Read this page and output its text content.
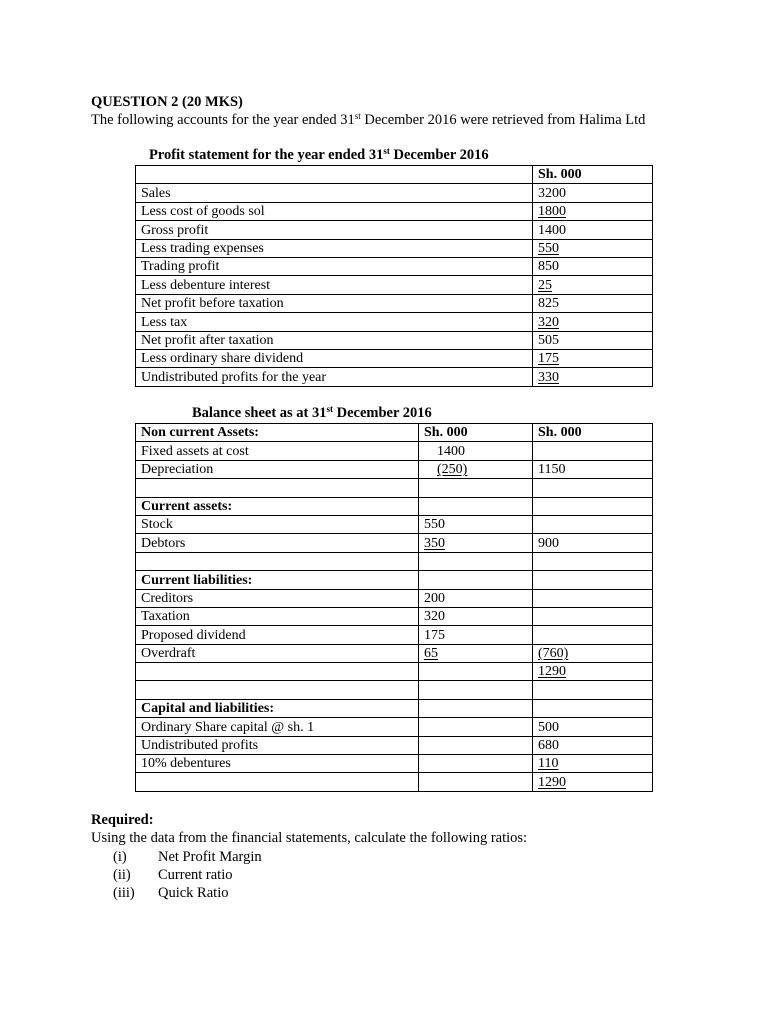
QUESTION 2 (20 MKS)
The following accounts for the year ended 31st December 2016 were retrieved from Halima Ltd
Profit statement for the year ended 31st December 2016
	Sh. 000
Sales	3200
Less cost of goods sol	1800
Gross profit	1400
Less trading expenses	550
Trading profit	850
Less debenture interest	25
Net profit before taxation	825
Less tax	320
Net profit after taxation	505
Less ordinary share dividend	175
Undistributed profits for the year	330
Balance sheet as at 31st December 2016
Non current Assets:	Sh. 000	Sh. 000
Fixed assets at cost	1400	
Depreciation	(250)	1150

Current assets:		
Stock	550	
Debtors	350	900

Current liabilities:		
Creditors	200	
Taxation	320	
Proposed dividend	175	
Overdraft	65	(760)
		1290

Capital and liabilities:		
Ordinary Share capital @ sh. 1		500
Undistributed profits		680
10% debentures		110
		1290
Required:
Using the data from the financial statements, calculate the following ratios:
(i) Net Profit Margin
(ii) Current ratio
(iii) Quick Ratio
